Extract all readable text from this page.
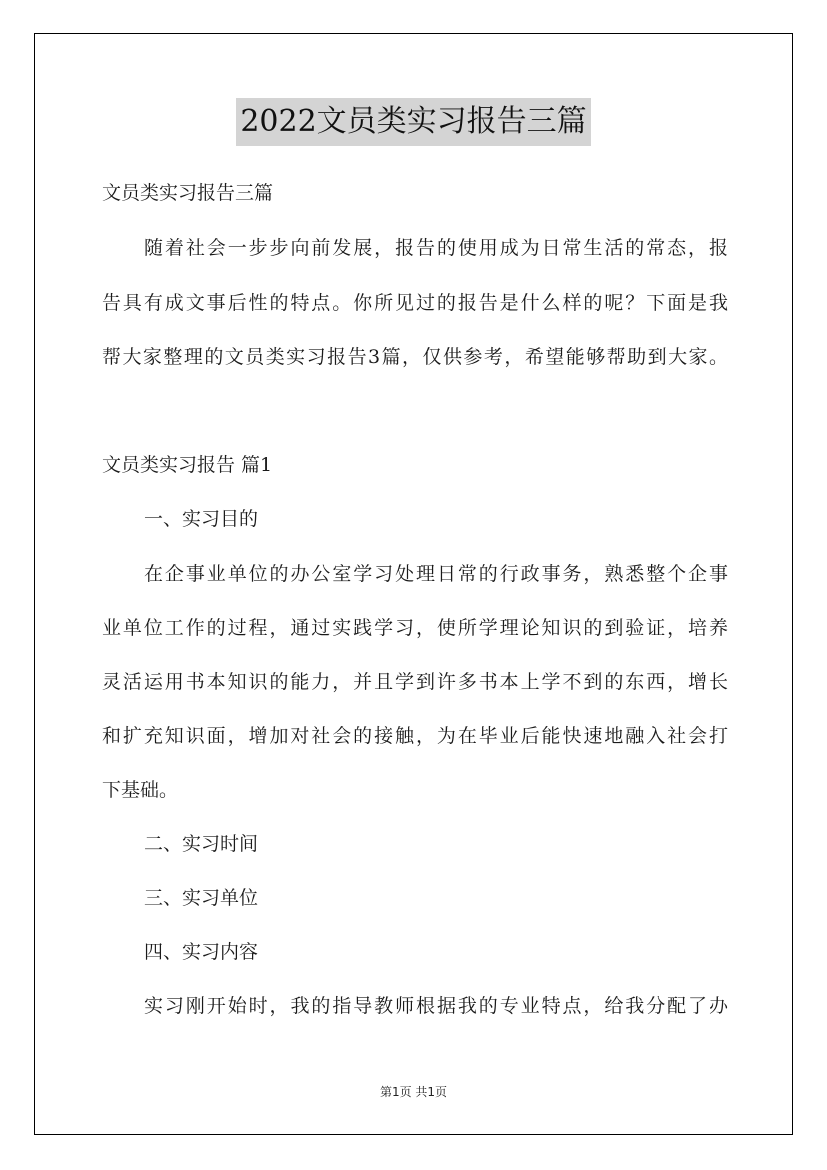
2022文员类实习报告三篇
文员类实习报告三篇
随着社会一步步向前发展，报告的使用成为日常生活的常态，报
告具有成文事后性的特点。你所见过的报告是什么样的呢？下面是我
帮大家整理的文员类实习报告3篇，仅供参考，希望能够帮助到大家。
文员类实习报告 篇1
一、实习目的
在企事业单位的办公室学习处理日常的行政事务，熟悉整个企事
业单位工作的过程，通过实践学习，使所学理论知识的到验证，培养
灵活运用书本知识的能力，并且学到许多书本上学不到的东西，增长
和扩充知识面，增加对社会的接触，为在毕业后能快速地融入社会打
下基础。
二、实习时间
三、实习单位
四、实习内容
实习刚开始时，我的指导教师根据我的专业特点，给我分配了办
第1页 共1页
